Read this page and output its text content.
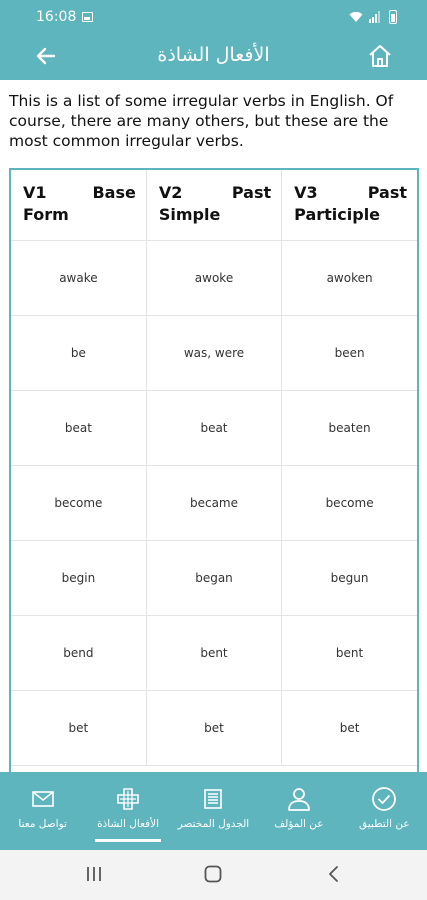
16:08
الأفعال الشاذة

This is a list of some irregular verbs in English. Of course, there are many others, but these are the most common irregular verbs.

V1 Base Form	V2 Past Simple	V3 Past Participle
awake	awoke	awoken
be	was, were	been
beat	beat	beaten
become	became	become
begin	began	begun
bend	bent	bent
bet	bet	bet
عن التطبيق
عن المؤلف
الجدول المختصر
الأفعال الشاذة
تواصل معنا
